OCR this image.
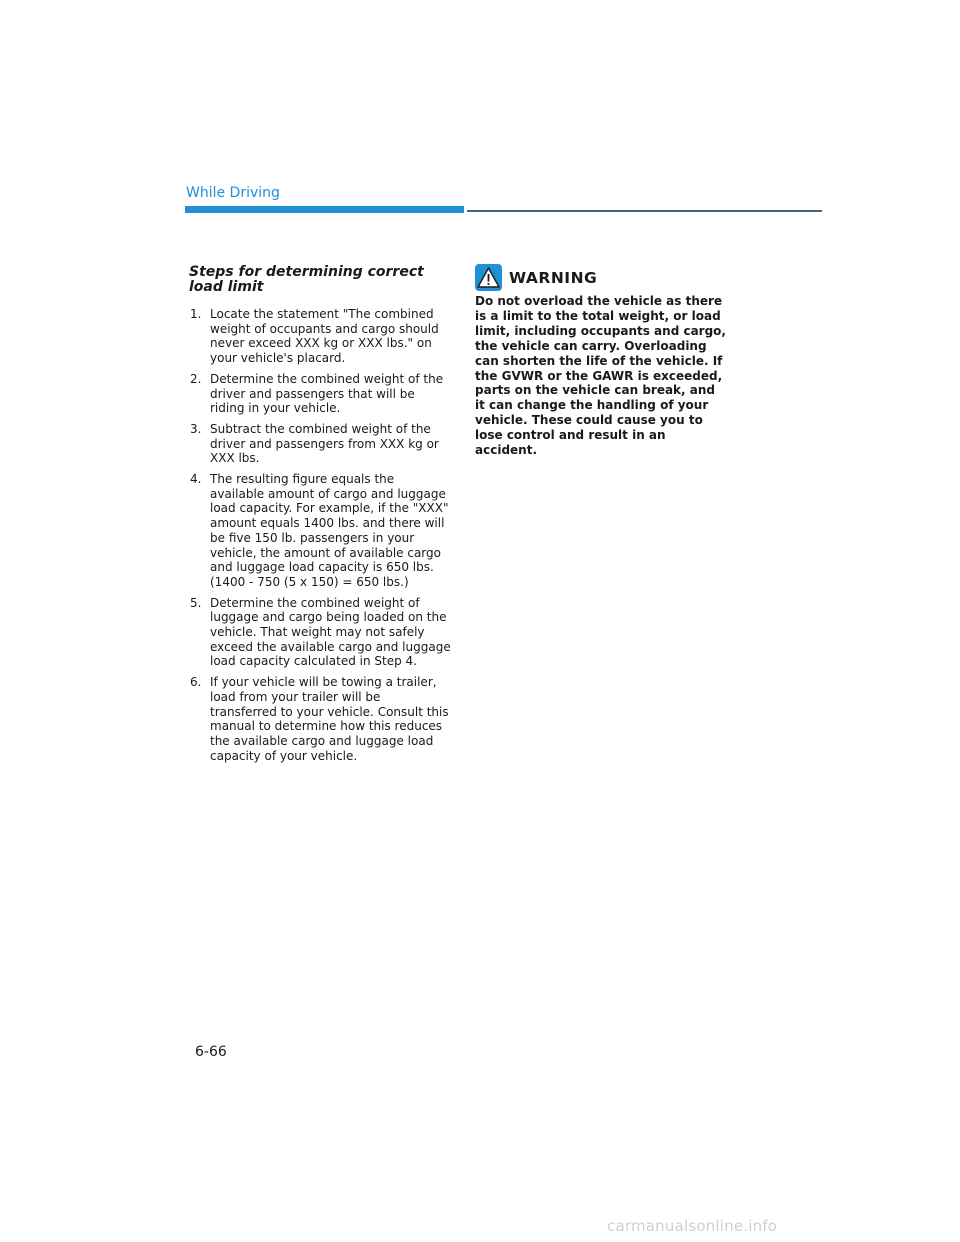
While Driving
Steps for determining correct load limit
1. Locate the statement "The combined weight of occupants and cargo should never exceed XXX kg or XXX lbs." on your vehicle's placard.
2. Determine the combined weight of the driver and passengers that will be riding in your vehicle.
3. Subtract the combined weight of the driver and passengers from XXX kg or XXX lbs.
4. The resulting figure equals the available amount of cargo and luggage load capacity. For example, if the "XXX" amount equals 1400 lbs. and there will be five 150 lb. passengers in your vehicle, the amount of available cargo and luggage load capacity is 650 lbs. (1400 - 750 (5 x 150) = 650 lbs.)
5. Determine the combined weight of luggage and cargo being loaded on the vehicle. That weight may not safely exceed the available cargo and luggage load capacity calculated in Step 4.
6. If your vehicle will be towing a trailer, load from your trailer will be transferred to your vehicle. Consult this manual to determine how this reduces the available cargo and luggage load capacity of your vehicle.
WARNING

Do not overload the vehicle as there is a limit to the total weight, or load limit, including occupants and cargo, the vehicle can carry. Overloading can shorten the life of the vehicle. If the GVWR or the GAWR is exceeded, parts on the vehicle can break, and it can change the handling of your vehicle. These could cause you to lose control and result in an accident.

6-66
carmanualsonline.info
